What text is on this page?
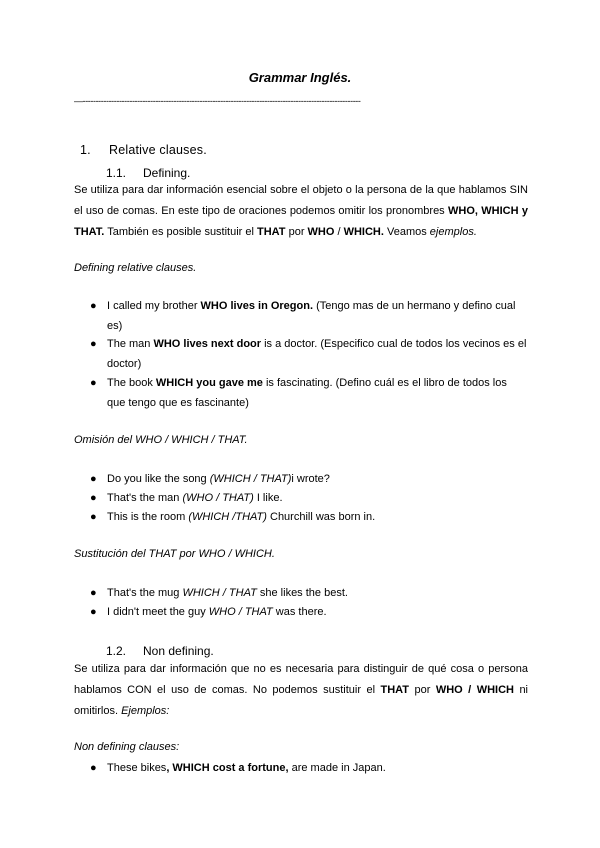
Grammar Inglés.
—-----------------------------------------------------------------------------------------------------------
1. Relative clauses.
1.1. Defining.
Se utiliza para dar información esencial sobre el objeto o la persona de la que hablamos SIN el uso de comas. En este tipo de oraciones podemos omitir los pronombres WHO, WHICH y THAT. También es posible sustituir el THAT por WHO / WHICH. Veamos ejemplos.
Defining relative clauses.
● I called my brother WHO lives in Oregon. (Tengo mas de un hermano y defino cual es)
● The man WHO lives next door is a doctor. (Especifico cual de todos los vecinos es el doctor)
● The book WHICH you gave me is fascinating. (Defino cuál es el libro de todos los que tengo que es fascinante)
Omisión del WHO / WHICH / THAT.
● Do you like the song (WHICH / THAT)i wrote?
● That's the man (WHO / THAT) I like.
● This is the room (WHICH /THAT) Churchill was born in.
Sustitución del THAT por WHO / WHICH.
● That's the mug WHICH / THAT she likes the best.
● I didn't meet the guy WHO / THAT was there.
1.2. Non defining.
Se utiliza para dar información que no es necesaria para distinguir de qué cosa o persona hablamos CON el uso de comas. No podemos sustituir el THAT por WHO / WHICH ni omitirlos. Ejemplos:
Non defining clauses:
● These bikes, WHICH cost a fortune, are made in Japan.
